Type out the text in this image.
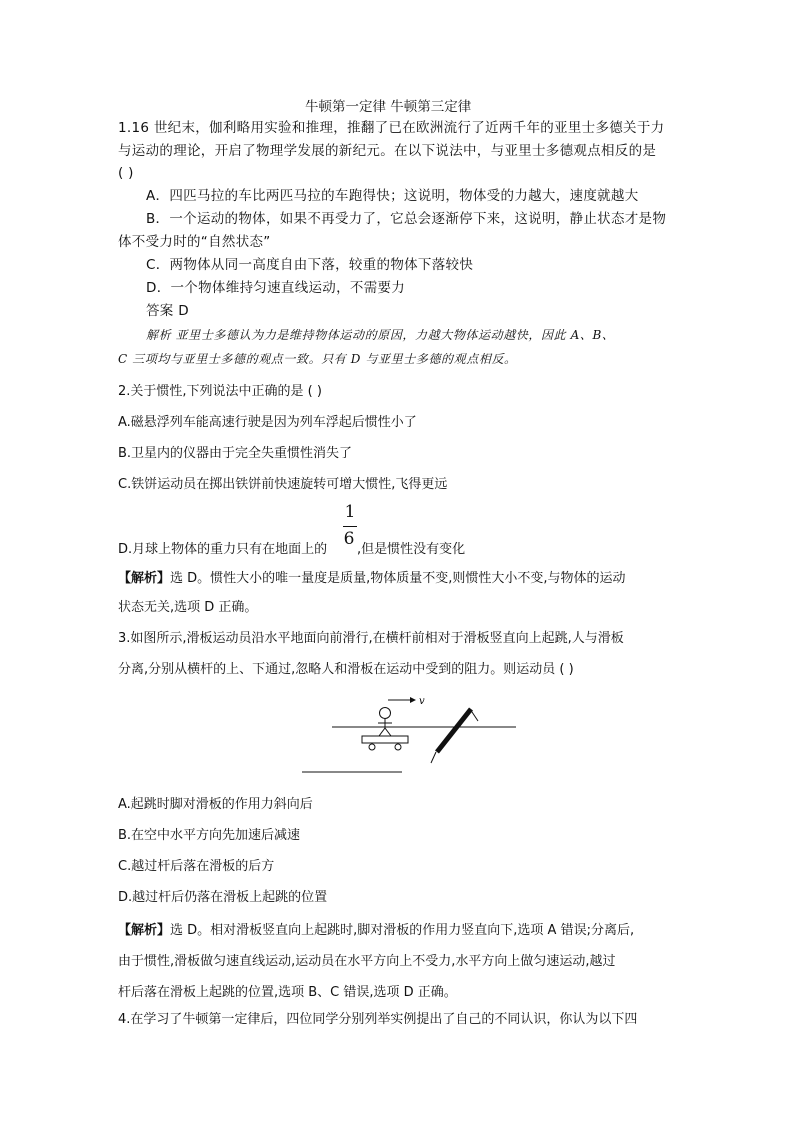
牛顿第一定律 牛顿第三定律
1.16 世纪末，伽利略用实验和推理，推翻了已在欧洲流行了近两千年的亚里士多德关于力
与运动的理论，开启了物理学发展的新纪元。在以下说法中，与亚里士多德观点相反的是
( )
A．四匹马拉的车比两匹马拉的车跑得快；这说明，物体受的力越大，速度就越大
B．一个运动的物体，如果不再受力了，它总会逐渐停下来，这说明，静止状态才是物
体不受力时的“自然状态”
C．两物体从同一高度自由下落，较重的物体下落较快
D．一个物体维持匀速直线运动，不需要力
答案 D
解析 亚里士多德认为力是维持物体运动的原因，力越大物体运动越快，因此 A、B、
C 三项均与亚里士多德的观点一致。只有 D 与亚里士多德的观点相反。
2.关于惯性,下列说法中正确的是 ( )
A.磁悬浮列车能高速行驶是因为列车浮起后惯性小了
B.卫星内的仪器由于完全失重惯性消失了
C.铁饼运动员在掷出铁饼前快速旋转可增大惯性,飞得更远
1
6
D.月球上物体的重力只有在地面上的 ,但是惯性没有变化
【解析】选 D。惯性大小的唯一量度是质量,物体质量不变,则惯性大小不变,与物体的运动
状态无关,选项 D 正确。
3.如图所示,滑板运动员沿水平地面向前滑行,在横杆前相对于滑板竖直向上起跳,人与滑板
分离,分别从横杆的上、下通过,忽略人和滑板在运动中受到的阻力。则运动员 ( )
v
A.起跳时脚对滑板的作用力斜向后
B.在空中水平方向先加速后减速
C.越过杆后落在滑板的后方
D.越过杆后仍落在滑板上起跳的位置
【解析】选 D。相对滑板竖直向上起跳时,脚对滑板的作用力竖直向下,选项 A 错误;分离后,
由于惯性,滑板做匀速直线运动,运动员在水平方向上不受力,水平方向上做匀速运动,越过
杆后落在滑板上起跳的位置,选项 B、C 错误,选项 D 正确。
4.在学习了牛顿第一定律后，四位同学分别列举实例提出了自己的不同认识，你认为以下四
